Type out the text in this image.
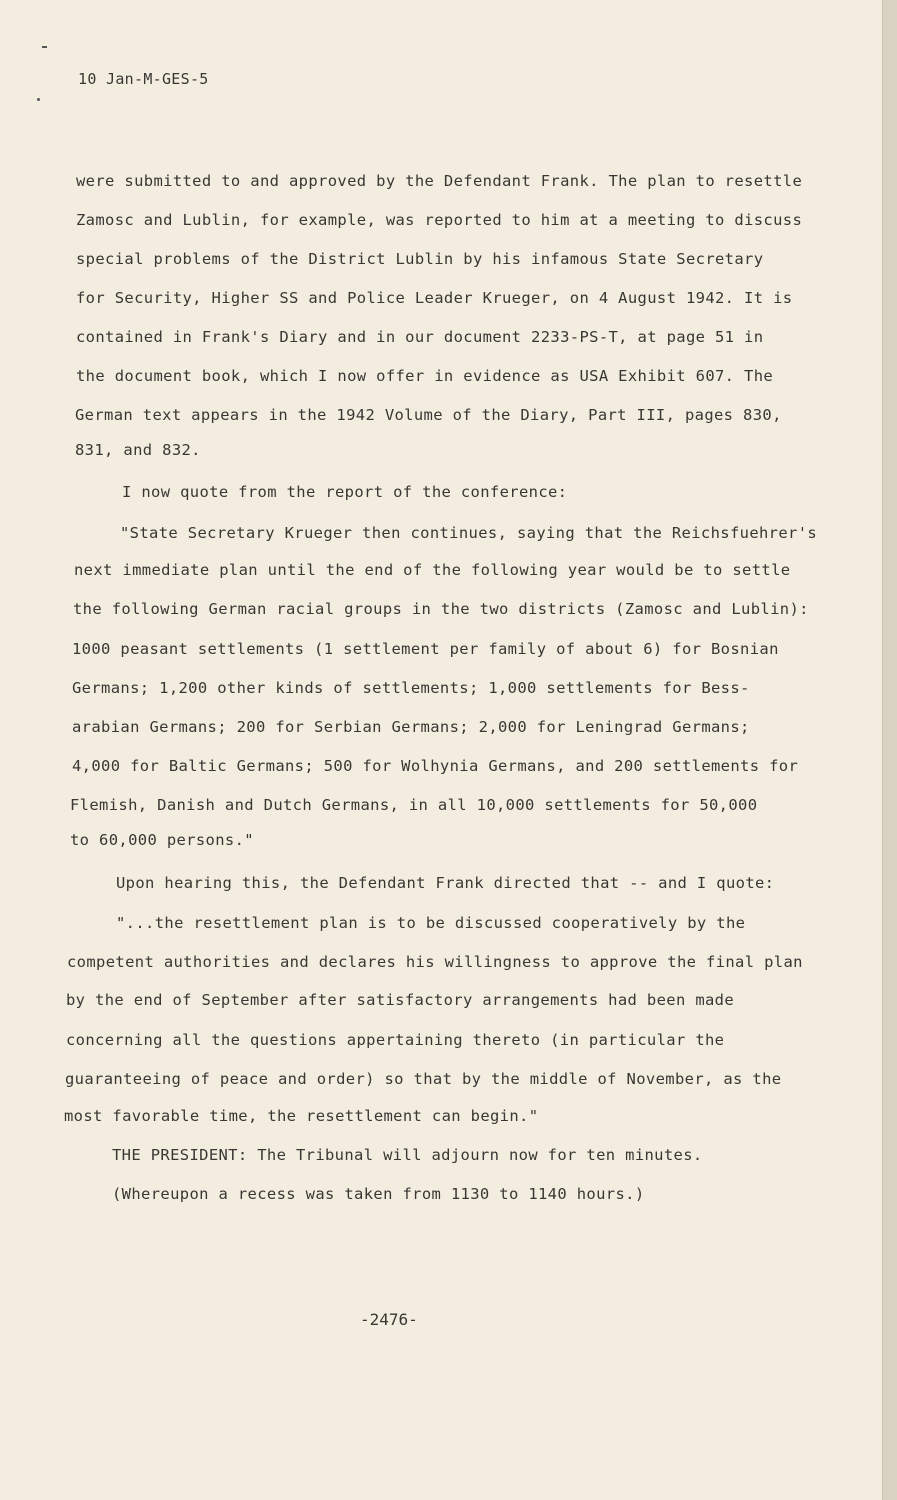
10 Jan-M-GES-5
were submitted to and approved by the Defendant Frank. The plan to resettle
Zamosc and Lublin, for example, was reported to him at a meeting to discuss
special problems of the District Lublin by his infamous State Secretary
for Security, Higher SS and Police Leader Krueger, on 4 August 1942. It is
contained in Frank's Diary and in our document 2233-PS-T, at page 51 in
the document book, which I now offer in evidence as USA Exhibit 607. The
German text appears in the 1942 Volume of the Diary, Part III, pages 830,
831, and 832.
I now quote from the report of the conference:
"State Secretary Krueger then continues, saying that the Reichsfuehrer's
next immediate plan until the end of the following year would be to settle
the following German racial groups in the two districts (Zamosc and Lublin):
1000 peasant settlements (1 settlement per family of about 6) for Bosnian
Germans; 1,200 other kinds of settlements; 1,000 settlements for Bess-
arabian Germans; 200 for Serbian Germans; 2,000 for Leningrad Germans;
4,000 for Baltic Germans; 500 for Wolhynia Germans, and 200 settlements for
Flemish, Danish and Dutch Germans, in all 10,000 settlements for 50,000
to 60,000 persons."
Upon hearing this, the Defendant Frank directed that -- and I quote:
"...the resettlement plan is to be discussed cooperatively by the
competent authorities and declares his willingness to approve the final plan
by the end of September after satisfactory arrangements had been made
concerning all the questions appertaining thereto (in particular the
guaranteeing of peace and order) so that by the middle of November, as the
most favorable time, the resettlement can begin."
THE PRESIDENT: The Tribunal will adjourn now for ten minutes.
(Whereupon a recess was taken from 1130 to 1140 hours.)
-2476-
